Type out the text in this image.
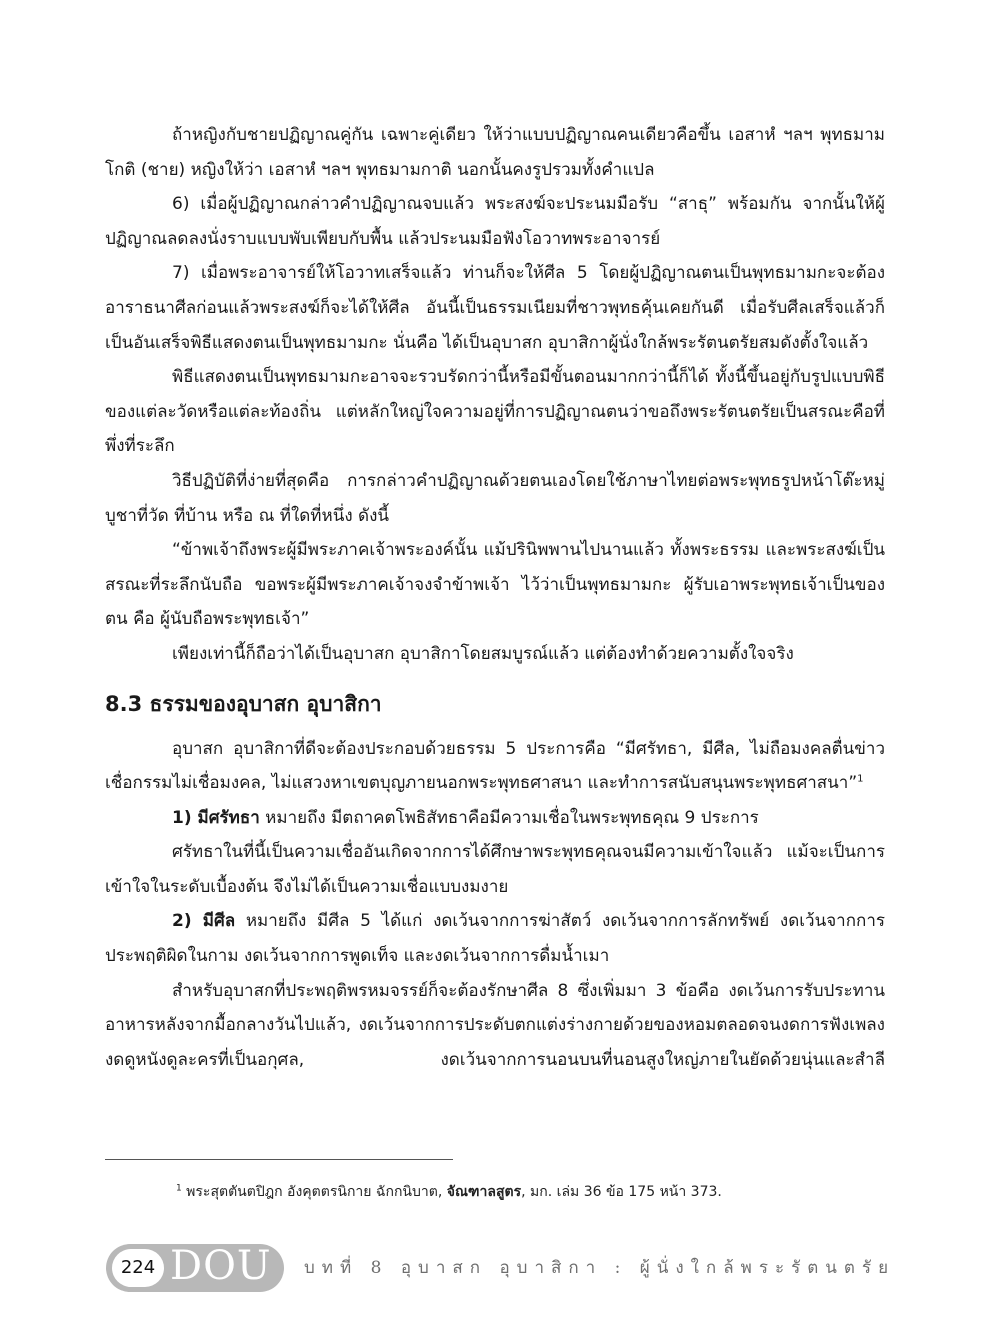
ถ้าหญิงกับชายปฏิญาณคู่กัน เฉพาะคู่เดียว ให้ว่าแบบปฏิญาณคนเดียวคือขึ้น เอสาหํ ฯลฯ พุทธมามโกติ (ชาย) หญิงให้ว่า เอสาหํ ฯลฯ พุทธมามกาติ นอกนั้นคงรูปรวมทั้งคำแปล

6) เมื่อผู้ปฏิญาณกล่าวคำปฏิญาณจบแล้ว พระสงฆ์จะประนมมือรับ “สาธุ” พร้อมกัน จากนั้นให้ผู้ปฏิญาณลดลงนั่งราบแบบพับเพียบกับพื้น แล้วประนมมือฟังโอวาทพระอาจารย์

7) เมื่อพระอาจารย์ให้โอวาทเสร็จแล้ว ท่านก็จะให้ศีล 5 โดยผู้ปฏิญาณตนเป็นพุทธมามกะจะต้องอาราธนาศีลก่อนแล้วพระสงฆ์ก็จะได้ให้ศีล อันนี้เป็นธรรมเนียมที่ชาวพุทธคุ้นเคยกันดี เมื่อรับศีลเสร็จแล้วก็เป็นอันเสร็จพิธีแสดงตนเป็นพุทธมามกะ นั่นคือ ได้เป็นอุบาสก อุบาสิกาผู้นั่งใกล้พระรัตนตรัยสมดังตั้งใจแล้ว

พิธีแสดงตนเป็นพุทธมามกะอาจจะรวบรัดกว่านี้หรือมีขั้นตอนมากกว่านี้ก็ได้ ทั้งนี้ขึ้นอยู่กับรูปแบบพิธีของแต่ละวัดหรือแต่ละท้องถิ่น แต่หลักใหญ่ใจความอยู่ที่การปฏิญาณตนว่าขอถึงพระรัตนตรัยเป็นสรณะคือที่พึ่งที่ระลึก

วิธีปฏิบัติที่ง่ายที่สุดคือ การกล่าวคำปฏิญาณด้วยตนเองโดยใช้ภาษาไทยต่อพระพุทธรูปหน้าโต๊ะหมู่บูชาที่วัด ที่บ้าน หรือ ณ ที่ใดที่หนึ่ง ดังนี้

“ข้าพเจ้าถึงพระผู้มีพระภาคเจ้าพระองค์นั้น แม้ปรินิพพานไปนานแล้ว ทั้งพระธรรม และพระสงฆ์เป็นสรณะที่ระลึกนับถือ ขอพระผู้มีพระภาคเจ้าจงจำข้าพเจ้า ไว้ว่าเป็นพุทธมามกะ ผู้รับเอาพระพุทธเจ้าเป็นของตน คือ ผู้นับถือพระพุทธเจ้า”

เพียงเท่านี้ก็ถือว่าได้เป็นอุบาสก อุบาสิกาโดยสมบูรณ์แล้ว แต่ต้องทำด้วยความตั้งใจจริง

8.3 ธรรมของอุบาสก อุบาสิกา

อุบาสก อุบาสิกาที่ดีจะต้องประกอบด้วยธรรม 5 ประการคือ “มีศรัทธา, มีศีล, ไม่ถือมงคลตื่นข่าว เชื่อกรรมไม่เชื่อมงคล, ไม่แสวงหาเขตบุญภายนอกพระพุทธศาสนา และทำการสนับสนุนพระพุทธศาสนา”$^1$

1) มีศรัทธา หมายถึง มีตถาคตโพธิสัทธาคือมีความเชื่อในพระพุทธคุณ 9 ประการ

ศรัทธาในที่นี้เป็นความเชื่ออันเกิดจากการได้ศึกษาพระพุทธคุณจนมีความเข้าใจแล้ว แม้จะเป็นการเข้าใจในระดับเบื้องต้น จึงไม่ได้เป็นความเชื่อแบบงมงาย

2) มีศีล หมายถึง มีศีล 5 ได้แก่ งดเว้นจากการฆ่าสัตว์ งดเว้นจากการลักทรัพย์ งดเว้นจากการประพฤติผิดในกาม งดเว้นจากการพูดเท็จ และงดเว้นจากการดื่มน้ำเมา

สำหรับอุบาสกที่ประพฤติพรหมจรรย์ก็จะต้องรักษาศีล 8 ซึ่งเพิ่มมา 3 ข้อคือ งดเว้นการรับประทานอาหารหลังจากมื้อกลางวันไปแล้ว, งดเว้นจากการประดับตกแต่งร่างกายด้วยของหอมตลอดจนงดการฟังเพลง งดดูหนังดูละครที่เป็นอกุศล, งดเว้นจากการนอนบนที่นอนสูงใหญ่ภายในยัดด้วยนุ่นและสำลี

$^1$ พระสุตตันตปิฎก อังคุตตรนิกาย ฉักกนิบาต, จัณฑาลสูตร, มก. เล่ม 36 ข้อ 175 หน้า 373.
224 DOU	บทที่ 8 อุบาสก อุบาสิกา : ผู้นั่งใกล้พระรัตนตรัย
